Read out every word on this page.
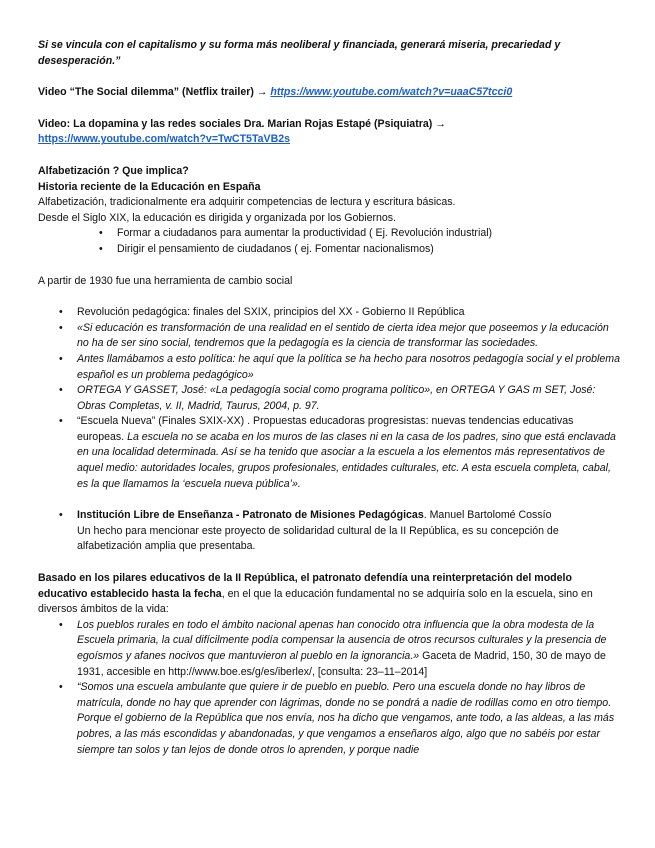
Si se vincula con el capitalismo y su forma más neoliberal y financiada, generará miseria, precariedad y desesperación.”

Video “The Social dilemma” (Netflix trailer) → https://www.youtube.com/watch?v=uaaC57tcci0

Video: La dopamina y las redes sociales Dra. Marian Rojas Estapé (Psiquiatra) →

https://www.youtube.com/watch?v=TwCT5TaVB2s

Alfabetización ? Que implica?

Historia reciente de la Educación en España

Alfabetización, tradicionalmente era adquirir competencias de lectura y escritura básicas.

Desde el Siglo XIX, la educación es dirigida y organizada por los Gobiernos.

• Formar a ciudadanos para aumentar la productividad ( Ej. Revolución industrial)
• Dirigir el pensamiento de ciudadanos ( ej. Fomentar nacionalismos)

A partir de 1930 fue una herramienta de cambio social

• Revolución pedagógica: finales del SXIX, principios del XX - Gobierno II República
• «Si educación es transformación de una realidad en el sentido de cierta idea mejor que poseemos y la educación no ha de ser sino social, tendremos que la pedagogía es la ciencia de transformar las sociedades.
• Antes llamábamos a esto política: he aquí que la política se ha hecho para nosotros pedagogía social y el problema español es un problema pedagógico»
• ORTEGA Y GASSET, José: «La pedagogía social como programa político», en ORTEGA Y GAS m SET, José: Obras Completas, v. II, Madrid, Taurus, 2004, p. 97.
• “Escuela Nueva” (Finales SXIX-XX) . Propuestas educadoras progresistas: nuevas tendencias educativas europeas. La escuela no se acaba en los muros de las clases ni en la casa de los padres, sino que está enclavada en una localidad determinada. Así se ha tenido que asociar a la escuela a los elementos más representativos de aquel medio: autoridades locales, grupos profesionales, entidades culturales, etc. A esta escuela completa, cabal, es la que llamamos la ‘escuela nueva pública’».
• Institución Libre de Enseñanza - Patronato de Misiones Pedagógicas. Manuel Bartolomé Cossío
Un hecho para mencionar este proyecto de solidaridad cultural de la II República, es su concepción de alfabetización amplia que presentaba.

Basado en los pilares educativos de la II República, el patronato defendía una reinterpretación del modelo educativo establecido hasta la fecha, en el que la educación fundamental no se adquiría solo en la escuela, sino en diversos ámbitos de la vida:

• Los pueblos rurales en todo el ámbito nacional apenas han conocido otra influencia que la obra modesta de la Escuela primaria, la cual difícilmente podía compensar la ausencia de otros recursos culturales y la presencia de egoísmos y afanes nocivos que mantuvieron al pueblo en la ignorancia.» Gaceta de Madrid, 150, 30 de mayo de 1931, accesible en http://www.boe.es/g/es/iberlex/, [consulta: 23–11–2014]
• “Somos una escuela ambulante que quiere ir de pueblo en pueblo. Pero una escuela donde no hay libros de matrícula, donde no hay que aprender con lágrimas, donde no se pondrá a nadie de rodillas como en otro tiempo. Porque el gobierno de la República que nos envía, nos ha dicho que vengamos, ante todo, a las aldeas, a las más pobres, a las más escondidas y abandonadas, y que vengamos a enseñaros algo, algo que no sabéis por estar siempre tan solos y tan lejos de donde otros lo aprenden, y porque nadie
